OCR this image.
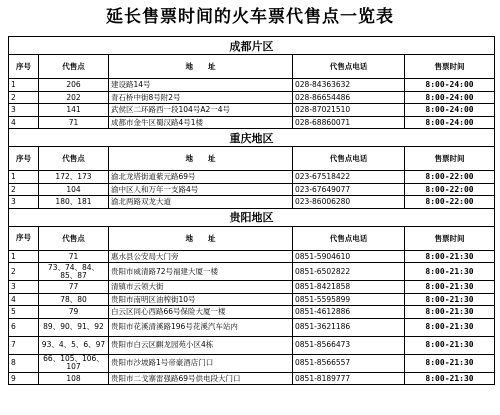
延长售票时间的火车票代售点一览表
成都片区				
序号	代售点	地　　址	代售点电话	售票时间
1	206	建设路14号	028-84363632	8:00-24:00
2	202	青石桥中街8号附2号	028-86654486	8:00-24:00
3	141	武侯区二环路西一段104号A2一4号	028-87021510	8:00-24:00
4	71	成都市金牛区蜀汉路4号1楼	028-68860071	8:00-24:00
重庆地区				
序号	代售点	地　　址	代售点电话	售票时间
1	172、173	渝北龙塔街道紫元路69号	023-67518422	8:00-22:00
2	104	渝中区人和万年一支路4号	023-67649077	8:00-22:00
3	180、181	渝北两路双龙大道	023-86006280	8:00-22:00
贵阳地区				
序号	代售点	地　　址	代售点电话	售票时间
1	71	惠水县公安局大门旁	0851-5904610	8:00-21:30
2	73、74、84、85、87	贵阳市威清路72号福建大厦一楼	0851-6502822	8:00-21:30
3	77	清镇市云领大街	0851-8421858	8:00-21:30
4	78、80	贵阳市南明区油榨街10号	0851-5595899	8:00-21:30
5	79	白云区同心西路66号保险大厦一楼	0851-4612886	8:00-21:30
6	89、90、91、92	贵阳市花溪清溪路196号花溪汽车站内	0851-3621186	8:00-21:30
7	93、4、5、6、97	贵阳市白云区麒龙园苑小区4栋	0851-8566473	8:00-21:30
8	66、105、106、107	贵阳市沙坡路1号帝豪酒店门口	0851-8566557	8:00-21:30
9	108	贵阳市二戈寨雷强路69号供电段大门口	0851-8189777	8:00-21:30
